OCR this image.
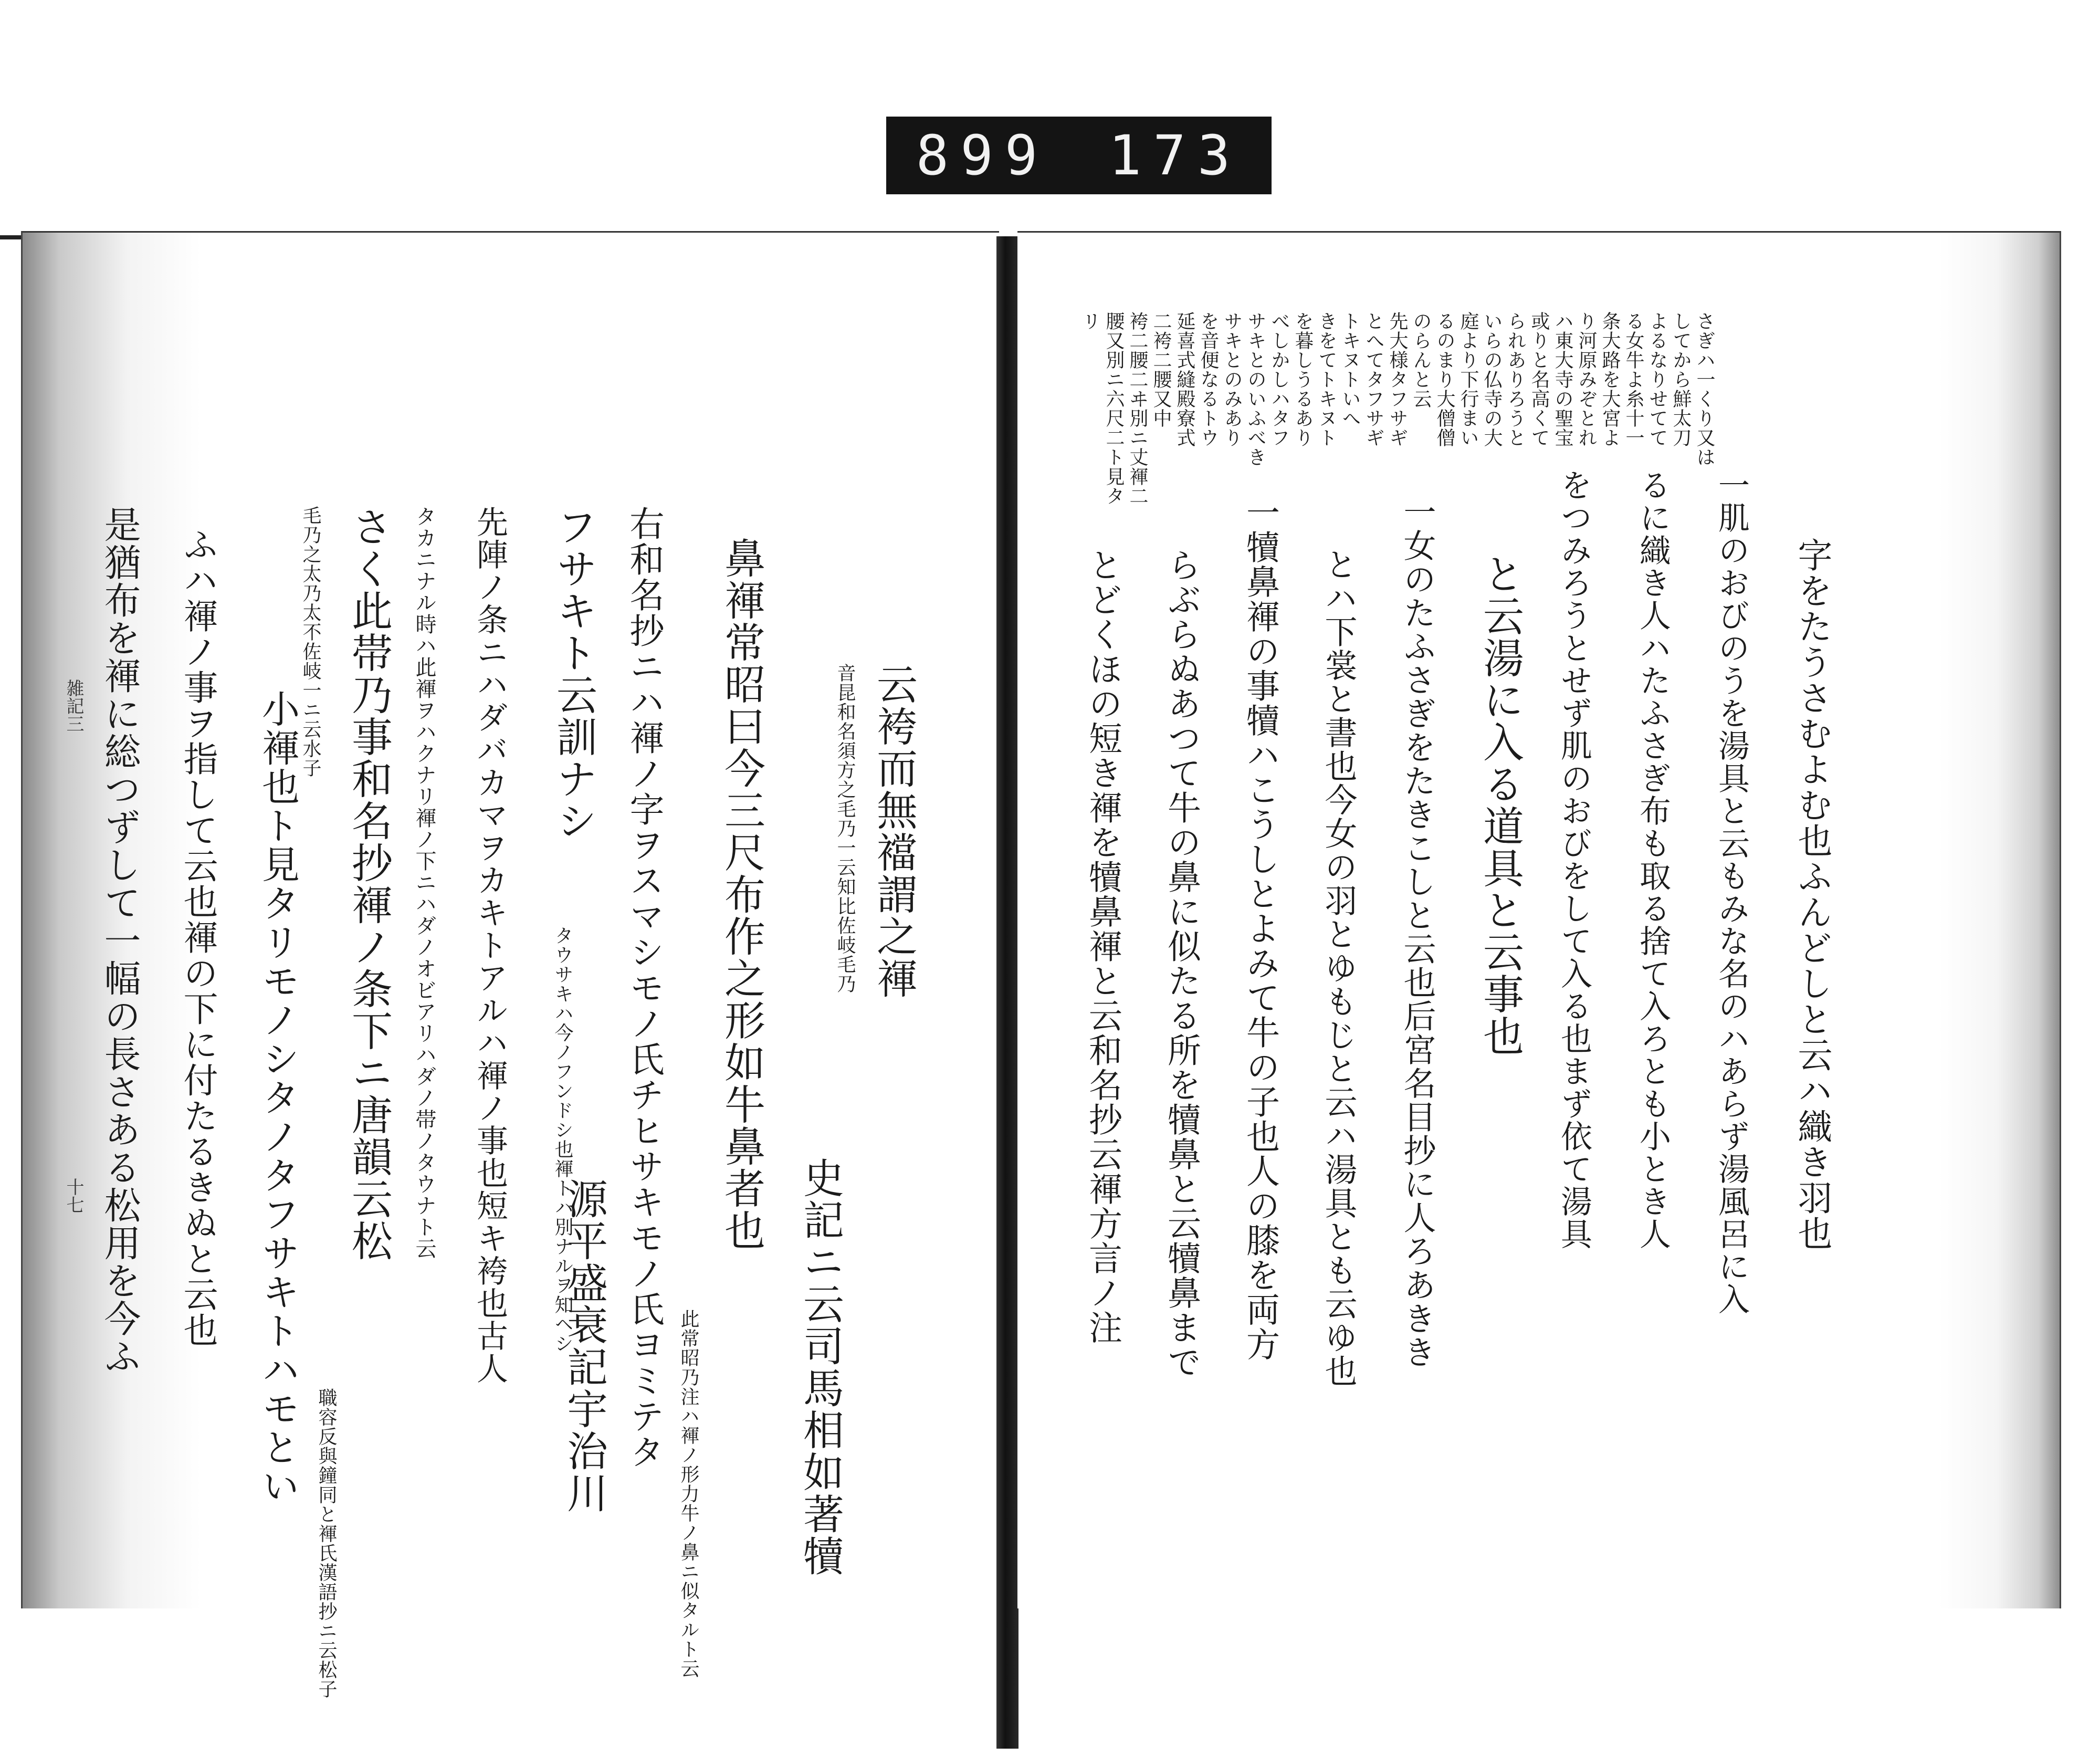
899 173
云袴而無襠謂之褌
音昆和名須方之毛乃一云知比佐岐毛乃
史記ニ云司馬相如著犢
鼻褌常昭曰今三尺布作之形如牛鼻者也
此常昭乃注ハ褌ノ形力牛ノ鼻ニ似タルト云
右和名抄ニハ褌ノ字ヲスマシモノ氏チヒサキモノ氏ヨミテタ
フサキト云訓ナシ
タウサキハ今ノフンドシ也褌トハ別ナルヲ知ヘシ
源平盛衰記宇治川
先陣ノ条ニハダバカマヲカキトアルハ褌ノ事也短キ袴也古人
タカニナル時ハ此褌ヲハクナリ褌ノ下ニハダノオビアリハダノ帯ノタウナト云
さく此帯乃事和名抄褌ノ条下ニ唐韻云松
職容反與鐘同と褌氏漢語抄ニ云松子
毛乃之太乃太不佐岐一ニ云水子
小褌也ト見タリモノシタノタフサキトハモとい
ふハ褌ノ事ヲ指して云也褌の下に付たるきぬと云也
是猶布を褌に総つずして一幅の長さある松用を今ふ
雑記三
十七
さぎハ一くり又は
してから鮮太刀
よるなりせてて
る女牛よ糸十一
条大路を大宮よ
り河原みぞとれ
ハ東大寺の聖宝
或りと名高くて
られありろうと
いらの仏寺の大
庭より下行まい
るのまり大僧僧
のらんと云
先大様タフサギ
とへてタフサギ
トキヌトいへ
きをてトキヌト
を暮しうるあり
べしかしハタフ
サキとのいふべき
サキとのみあり
を音便なるトウ
延喜式縫殿寮式
二袴二腰又中
袴二腰二ヰ別ニ丈褌二
腰又別ニ六尺二ト見タ
リ
字をたうさむよむ也ふんどしと云ハ織き羽也
一肌のおびのうを湯具と云もみな名のハあらず湯風呂に入
るに織き人ハたふさぎ布も取る捨て入ろとも小とき人
をつみろうとせず肌のおびをして入る也まず依て湯具
と云湯に入る道具と云事也
一女のたふさぎをたきこしと云也后宮名目抄に人ろあきき
とハ下裳と書也今女の羽とゆもじと云ハ湯具とも云ゆ也
一犢鼻褌の事犢ハこうしとよみて牛の子也人の膝を両方
らぶらぬあつて牛の鼻に似たる所を犢鼻と云犢鼻まで
とどくほの短き褌を犢鼻褌と云和名抄云褌方言ノ注
